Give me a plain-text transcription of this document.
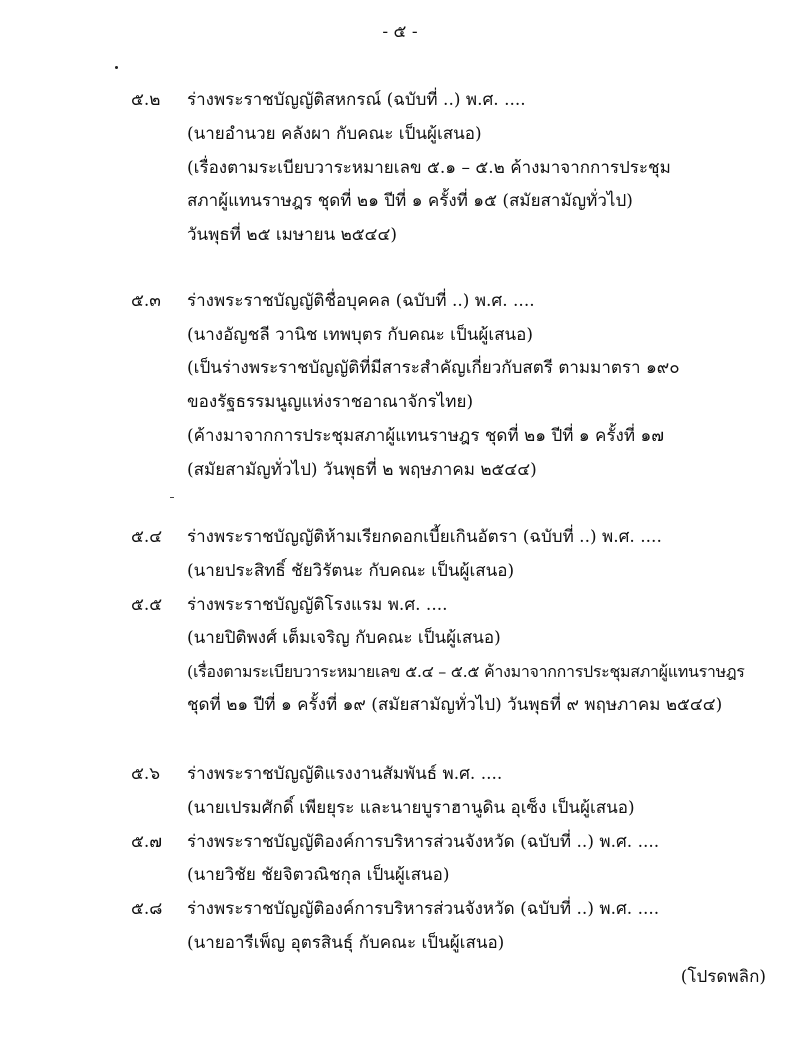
- ๕ -
๕.๒ ร่างพระราชบัญญัติสหกรณ์ (ฉบับที่ ..) พ.ศ. ....
(นายอำนวย คลังผา กับคณะ เป็นผู้เสนอ)
(เรื่องตามระเบียบวาระหมายเลข ๕.๑ – ๕.๒ ค้างมาจากการประชุม
สภาผู้แทนราษฎร ชุดที่ ๒๑ ปีที่ ๑ ครั้งที่ ๑๕ (สมัยสามัญทั่วไป)
วันพุธที่ ๒๕ เมษายน ๒๕๔๔)
๕.๓ ร่างพระราชบัญญัติชื่อบุคคล (ฉบับที่ ..) พ.ศ. ....
(นางอัญชลี วานิช เทพบุตร กับคณะ เป็นผู้เสนอ)
(เป็นร่างพระราชบัญญัติที่มีสาระสำคัญเกี่ยวกับสตรี ตามมาตรา ๑๙๐
ของรัฐธรรมนูญแห่งราชอาณาจักรไทย)
(ค้างมาจากการประชุมสภาผู้แทนราษฎร ชุดที่ ๒๑ ปีที่ ๑ ครั้งที่ ๑๗
(สมัยสามัญทั่วไป) วันพุธที่ ๒ พฤษภาคม ๒๕๔๔)
๕.๔ ร่างพระราชบัญญัติห้ามเรียกดอกเบี้ยเกินอัตรา (ฉบับที่ ..) พ.ศ. ....
(นายประสิทธิ์ ชัยวิรัตนะ กับคณะ เป็นผู้เสนอ)
๕.๕ ร่างพระราชบัญญัติโรงแรม พ.ศ. ....
(นายปิติพงศ์ เต็มเจริญ กับคณะ เป็นผู้เสนอ)
(เรื่องตามระเบียบวาระหมายเลข ๕.๔ – ๕.๕ ค้างมาจากการประชุมสภาผู้แทนราษฎร
ชุดที่ ๒๑ ปีที่ ๑ ครั้งที่ ๑๙ (สมัยสามัญทั่วไป) วันพุธที่ ๙ พฤษภาคม ๒๕๔๔)
๕.๖ ร่างพระราชบัญญัติแรงงานสัมพันธ์ พ.ศ. ....
(นายเปรมศักดิ์ เพียยุระ และนายบูราฮานูดิน อุเซ็ง เป็นผู้เสนอ)
๕.๗ ร่างพระราชบัญญัติองค์การบริหารส่วนจังหวัด (ฉบับที่ ..) พ.ศ. ....
(นายวิชัย ชัยจิตวณิชกุล เป็นผู้เสนอ)
๕.๘ ร่างพระราชบัญญัติองค์การบริหารส่วนจังหวัด (ฉบับที่ ..) พ.ศ. ....
(นายอารีเพ็ญ อุตรสินธุ์ กับคณะ เป็นผู้เสนอ)
(โปรดพลิก)
